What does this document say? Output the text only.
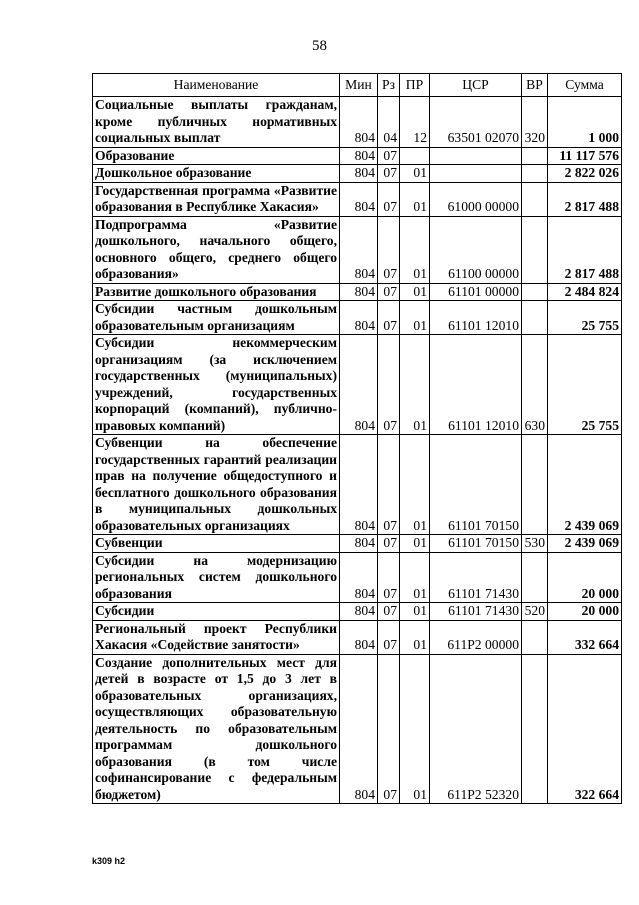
58
Наименование	Мин	Рз	ПР	ЦСР	ВР	Сумма
Социальные выплаты гражданам, кроме публичных нормативных социальных выплат	804	04	12	63501 02070	320	1 000
Образование	804	07				11 117 576
Дошкольное образование	804	07	01			2 822 026
Государственная программа «Развитие образования в Республике Хакасия»	804	07	01	61000 00000		2 817 488
Подпрограмма «Развитие дошкольного, начального общего, основного общего, среднего общего образования»	804	07	01	61100 00000		2 817 488
Развитие дошкольного образования	804	07	01	61101 00000		2 484 824
Субсидии частным дошкольным образовательным организациям	804	07	01	61101 12010		25 755
Субсидии некоммерческим организациям (за исключением государственных (муниципальных) учреждений, государственных корпораций (компаний), публично-правовых компаний)	804	07	01	61101 12010	630	25 755
Субвенции на обеспечение государственных гарантий реализации прав на получение общедоступного и бесплатного дошкольного образования в муниципальных дошкольных образовательных организациях	804	07	01	61101 70150		2 439 069
Субвенции	804	07	01	61101 70150	530	2 439 069
Субсидии на модернизацию региональных систем дошкольного образования	804	07	01	61101 71430		20 000
Субсидии	804	07	01	61101 71430	520	20 000
Региональный проект Республики Хакасия «Содействие занятости»	804	07	01	611P2 00000		332 664
Создание дополнительных мест для детей в возрасте от 1,5 до 3 лет в образовательных организациях, осуществляющих образовательную деятельность по образовательным программам дошкольного образования (в том числе софинансирование с федеральным бюджетом)	804	07	01	611P2 52320		322 664
k309 h2
